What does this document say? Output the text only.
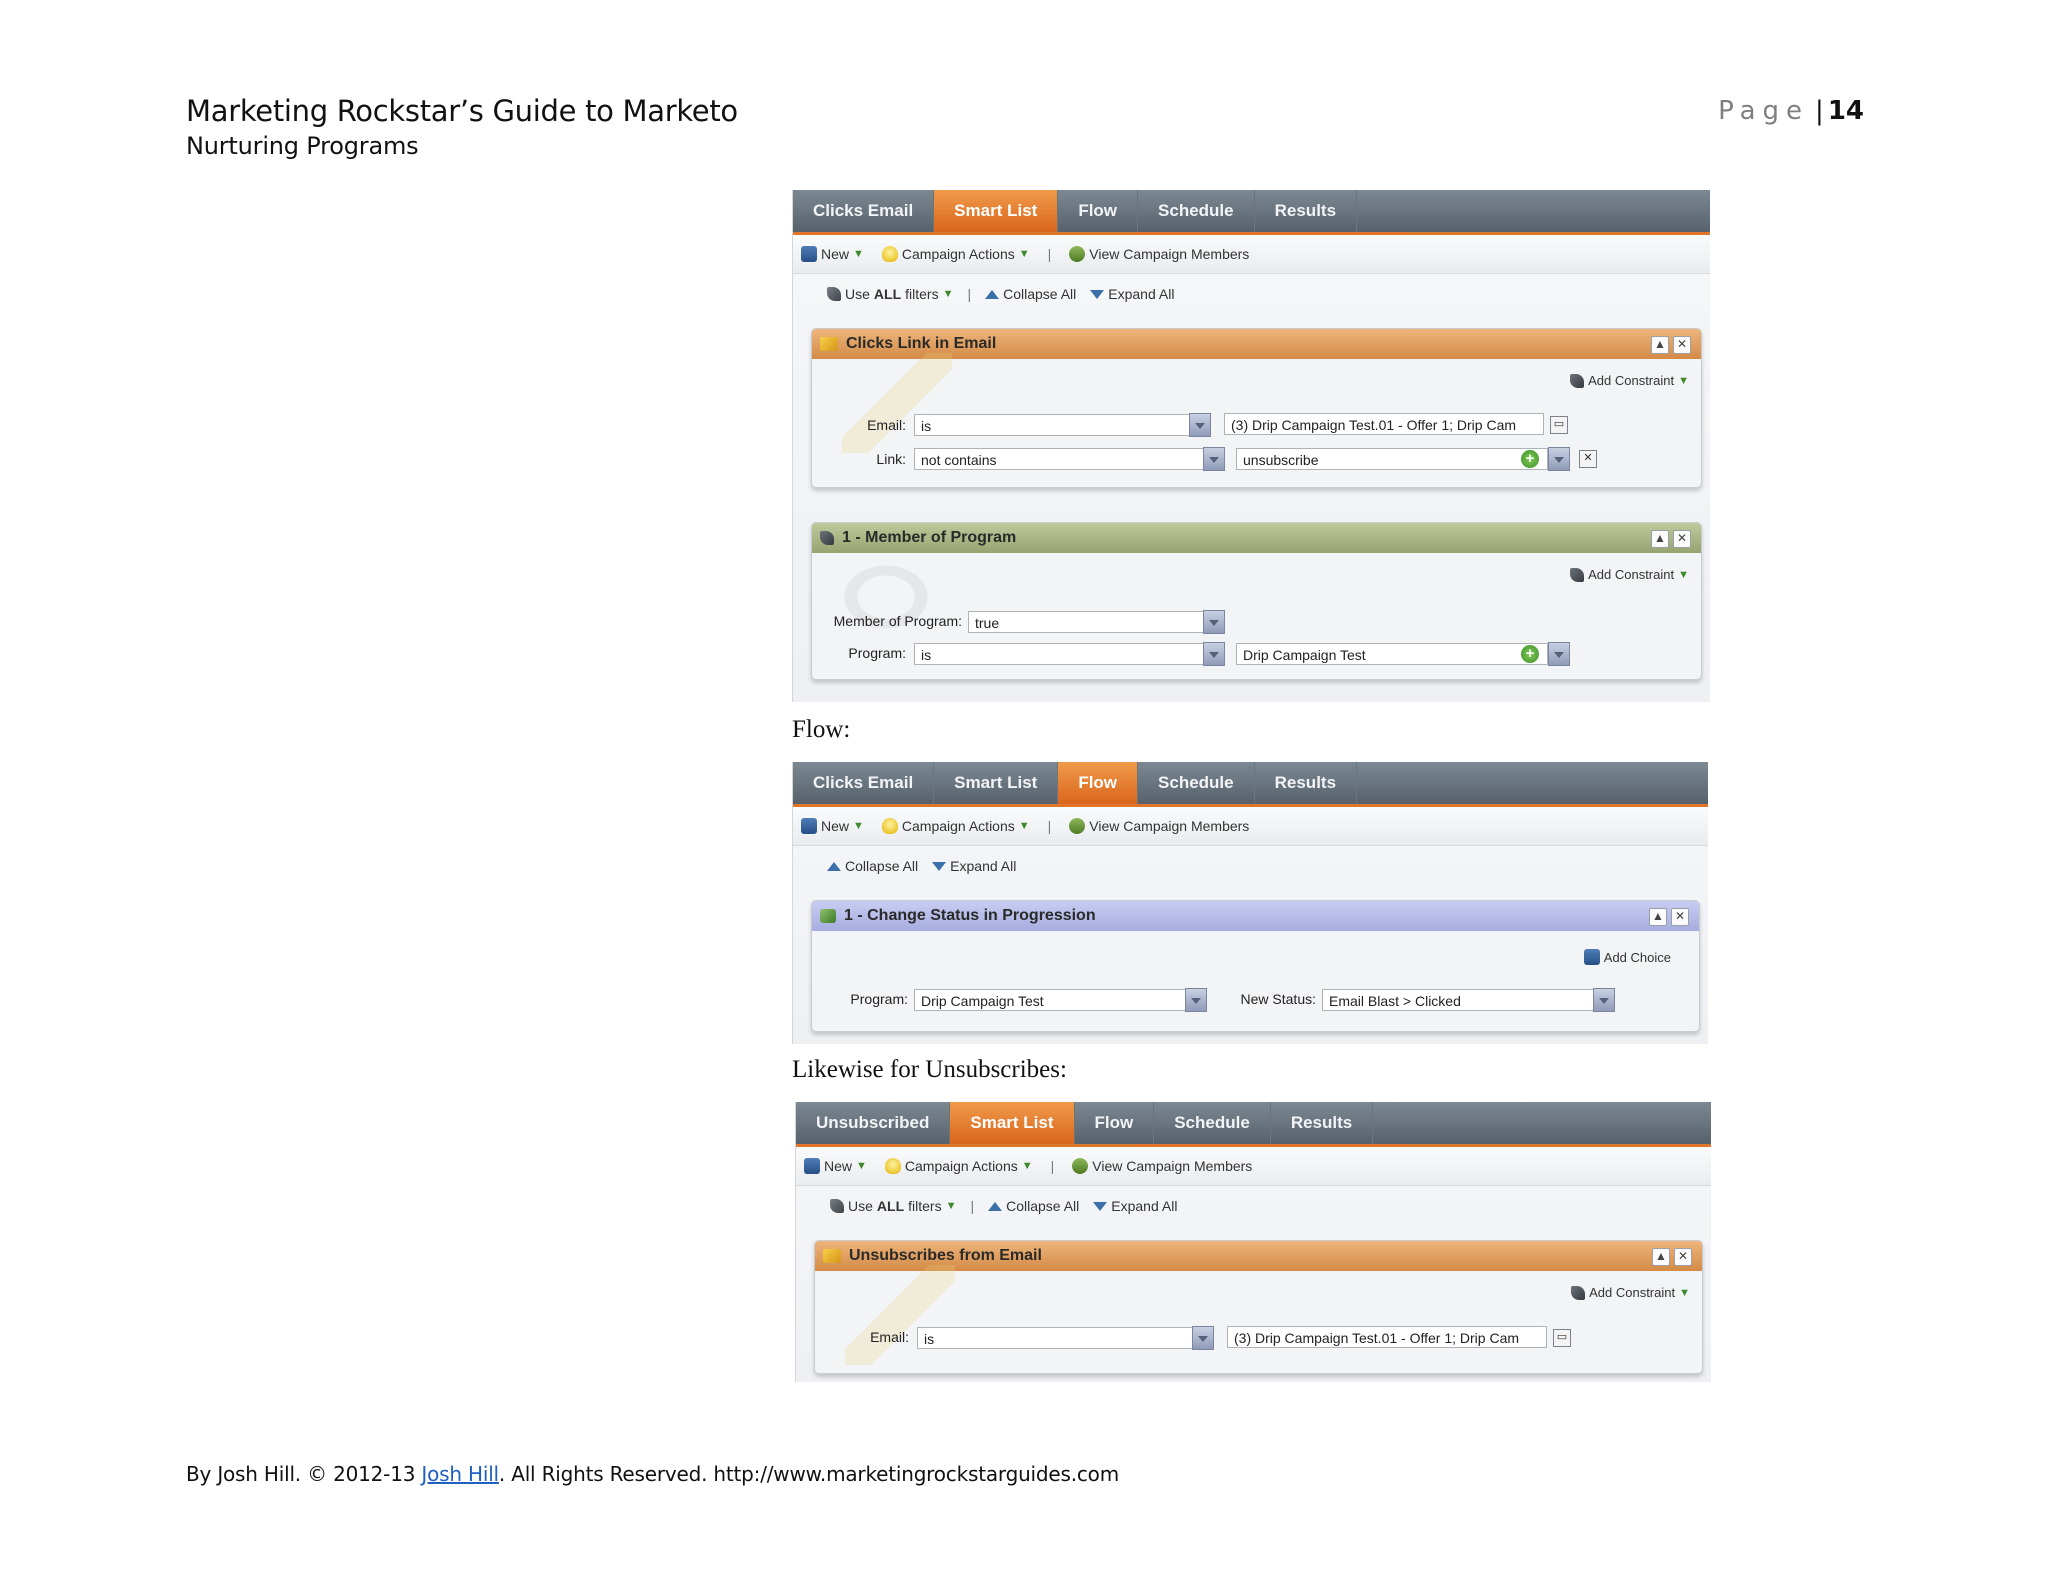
Marketing Rockstar’s Guide to Marketo
Nurturing Programs
Page | 14
Clicks Email	Smart List	Flow	Schedule	Results
New ▼	Campaign Actions ▼ |	View Campaign Members
Use ALL filters ▼ | Collapse All Expand All
Clicks Link in Email	▲ ✕
Add Constraint ▼
Email:	is	(3) Drip Campaign Test.01 - Offer 1; Drip Cam	▭
Link:	not contains	unsubscribe	+	✕
1 - Member of Program	▲ ✕
Add Constraint ▼
Member of Program: true
Program:	is	Drip Campaign Test	+
Flow:
Clicks Email	Smart List	Flow	Schedule	Results
New ▼	Campaign Actions ▼ |	View Campaign Members
Collapse All Expand All
1 - Change Status in Progression	▲ ✕
Add Choice
Program: Drip Campaign Test	New Status: Email Blast > Clicked
Likewise for Unsubscribes:
Unsubscribed	Smart List	Flow	Schedule	Results
New ▼	Campaign Actions ▼ |	View Campaign Members
Use ALL filters ▼ | Collapse All Expand All
Unsubscribes from Email	▲ ✕
Add Constraint ▼
Email:	is	(3) Drip Campaign Test.01 - Offer 1; Drip Cam	▭
By Josh Hill. © 2012-13 Josh Hill. All Rights Reserved. http://www.marketingrockstarguides.com
